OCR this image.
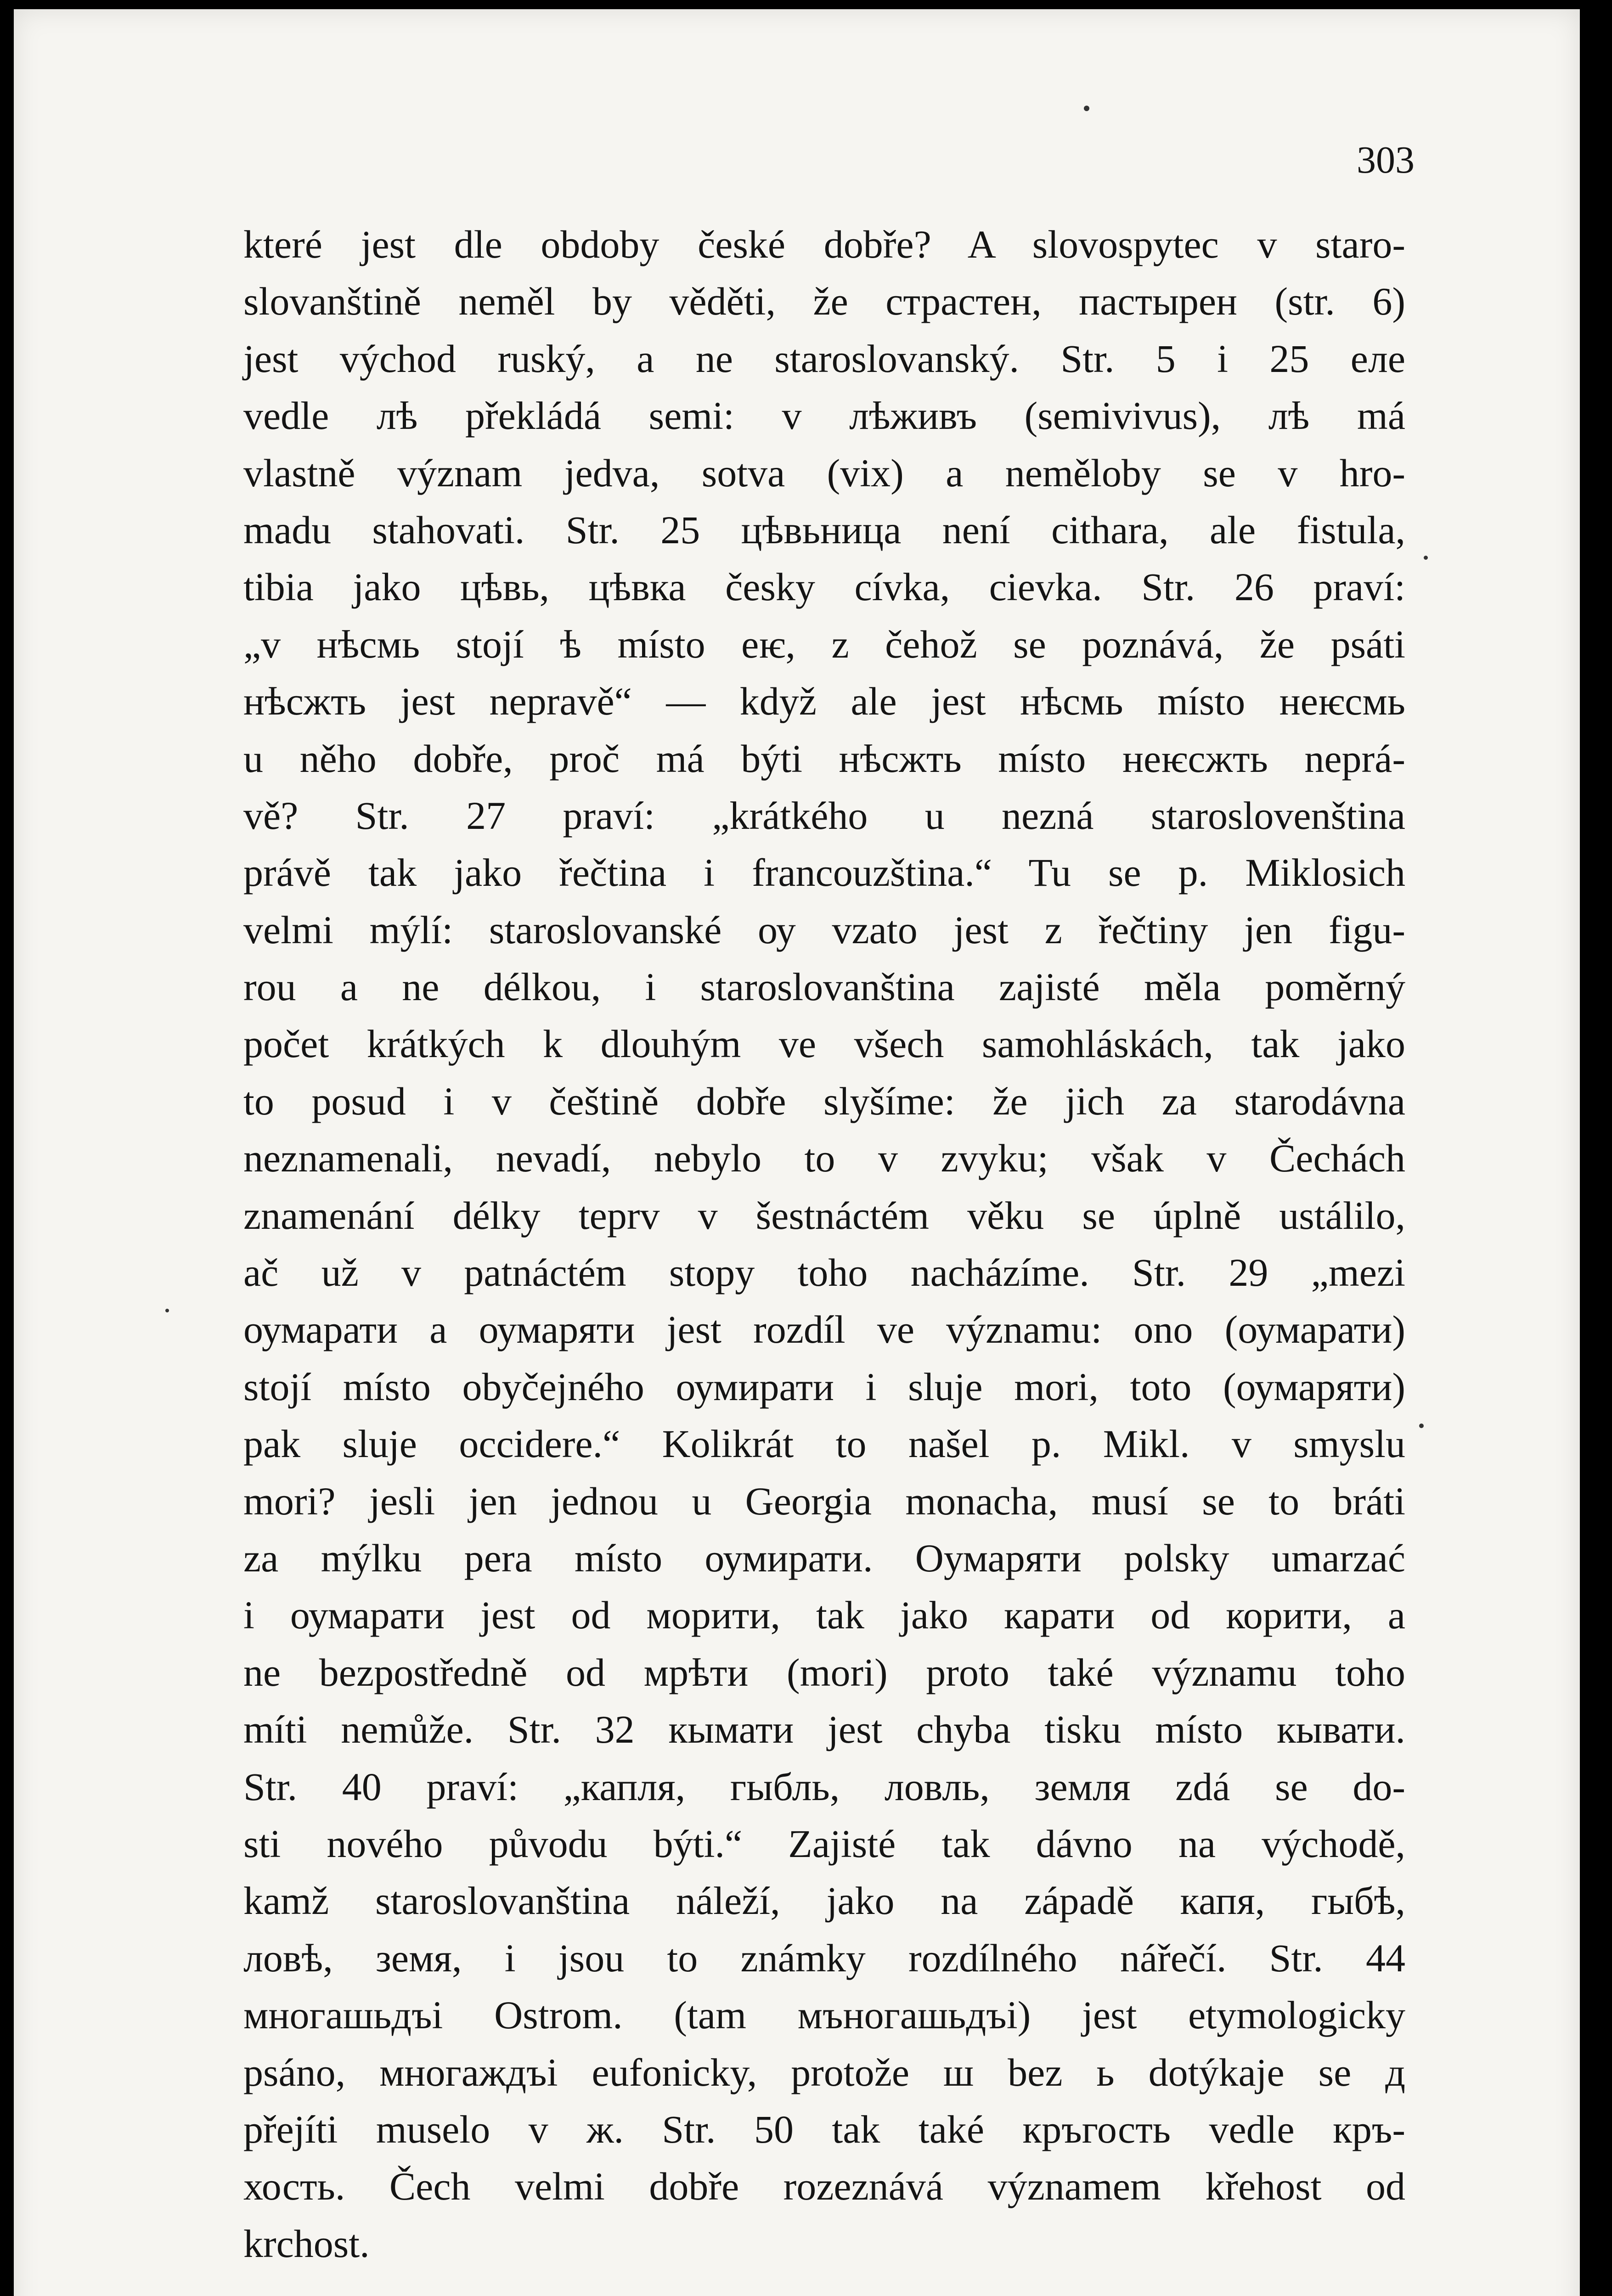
303
které jest dle obdoby české dobře? A slovospytec v staro-
slovanštině neměl by věděti, že страстен, пастырен (str. 6)
jest východ ruský, a ne staroslovanský. Str. 5 i 25 еле
vedle лѣ překládá semi: v лѣживъ (semivivus), лѣ má
vlastně význam jedva, sotva (vix) a neměloby se v hro-
madu stahovati. Str. 25 цѣвьница není cithara, ale fistula,
tibia jako цѣвь, цѣвка česky cívka, cievka. Str. 26 praví:
„v нѣсмь stojí ѣ místo еѥ, z čehož se poznává, že psáti
нѣсжть jest nepravě“ — když ale jest нѣсмь místo неѥсмь
u něho dobře, proč má býti нѣсжть místo неѥсжть neprá-
vě? Str. 27 praví: „krátkého u nezná staroslovenština
právě tak jako řečtina i francouzština.“ Tu se p. Miklosich
velmi mýlí: staroslovanské оу vzato jest z řečtiny jen figu-
rou a ne délkou, i staroslovanština zajisté měla poměrný
počet krátkých k dlouhým ve všech samohláskách, tak jako
to posud i v češtině dobře slyšíme: že jich za starodávna
neznamenali, nevadí, nebylo to v zvyku; však v Čechách
znamenání délky teprv v šestnáctém věku se úplně ustálilo,
ač už v patnáctém stopy toho nacházíme. Str. 29 „mezi
оумарати a оумаряти jest rozdíl ve významu: ono (оумарати)
stojí místo obyčejného оумирати i sluje mori, toto (оумаряти)
pak sluje occidere.“ Kolikrát to našel p. Mikl. v smyslu
mori? jesli jen jednou u Georgia monacha, musí se to bráti
za mýlku pera místo оумирати. Оумаряти polsky umarzać
i оумарати jest od морити, tak jako карати od корити, a
ne bezpostředně od мрѣти (mori) proto také významu toho
míti nemůže. Str. 32 кымати jest chyba tisku místo кывати.
Str. 40 praví: „капля, гыбль, ловль, земля zdá se do-
sti nového původu býti.“ Zajisté tak dávno na východě,
kamž staroslovanština náleží, jako na západě капя, гыбѣ,
ловѣ, земя, i jsou to známky rozdílného nářečí. Str. 44
многашьдъі Ostrom. (tam мъногашьдъі) jest etymologicky
psáno, многаждъі eufonicky, protože ш bez ь dotýkaje se д
přejíti muselo v ж. Str. 50 tak také кръгость vedle кръ-
хость. Čech velmi dobře rozeznává významem křehost od
krchost.
